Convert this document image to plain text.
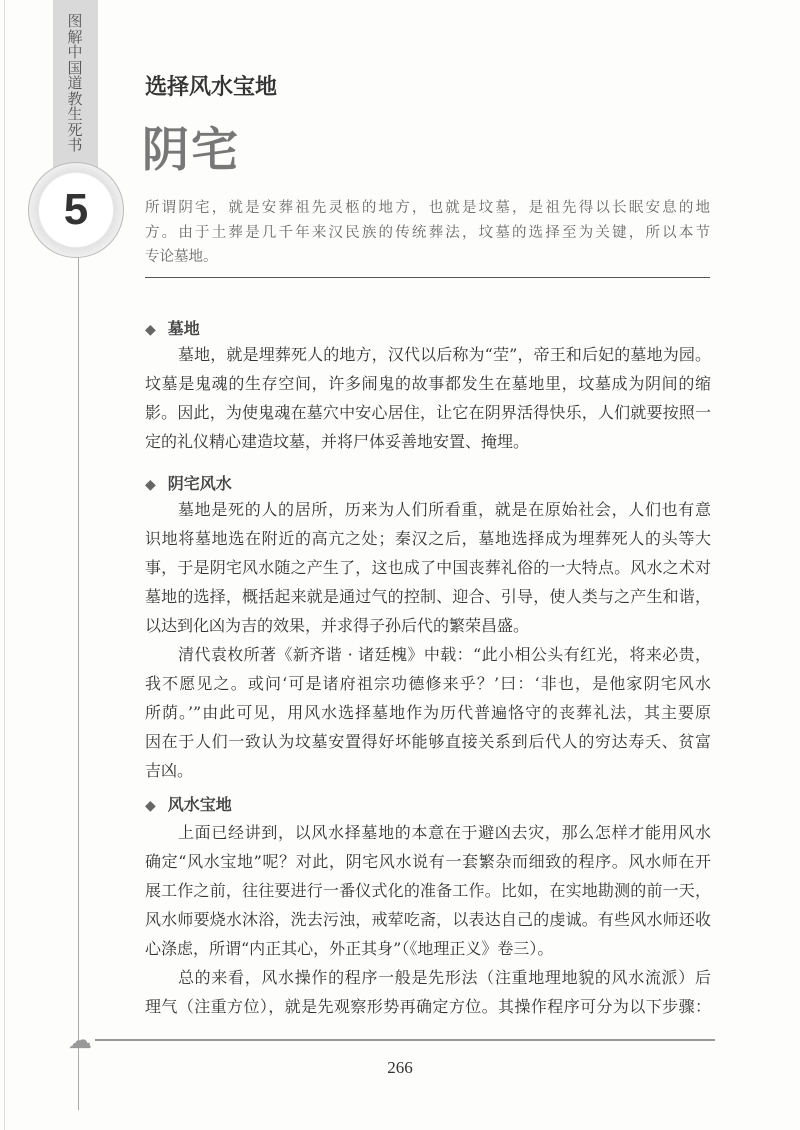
5
图解中国道教生死书
选择风水宝地
阴宅
所谓阴宅，就是安葬祖先灵柩的地方，也就是坟墓，是祖先得以长眠安息的地
方。由于土葬是几千年来汉民族的传统葬法，坟墓的选择至为关键，所以本节
专论墓地。
◆ 墓地
墓地，就是埋葬死人的地方，汉代以后称为“茔”，帝王和后妃的墓地为园。
坟墓是鬼魂的生存空间，许多闹鬼的故事都发生在墓地里，坟墓成为阴间的缩
影。因此，为使鬼魂在墓穴中安心居住，让它在阴界活得快乐，人们就要按照一
定的礼仪精心建造坟墓，并将尸体妥善地安置、掩埋。
◆ 阴宅风水
墓地是死的人的居所，历来为人们所看重，就是在原始社会，人们也有意
识地将墓地选在附近的高亢之处；秦汉之后，墓地选择成为埋葬死人的头等大
事，于是阴宅风水随之产生了，这也成了中国丧葬礼俗的一大特点。风水之术对
墓地的选择，概括起来就是通过气的控制、迎合、引导，使人类与之产生和谐，
以达到化凶为吉的效果，并求得子孙后代的繁荣昌盛。
清代袁枚所著《新齐谐 · 诸廷槐》中载：“此小相公头有红光，将来必贵，
我不愿见之。或问‘可是诸府祖宗功德修来乎？’曰：‘非也，是他家阴宅风水
所荫。’”由此可见，用风水选择墓地作为历代普遍恪守的丧葬礼法，其主要原
因在于人们一致认为坟墓安置得好坏能够直接关系到后代人的穷达寿夭、贫富
吉凶。
◆ 风水宝地
上面已经讲到，以风水择墓地的本意在于避凶去灾，那么怎样才能用风水
确定“风水宝地”呢？对此，阴宅风水说有一套繁杂而细致的程序。风水师在开
展工作之前，往往要进行一番仪式化的准备工作。比如，在实地勘测的前一天，
风水师要烧水沐浴，洗去污浊，戒荤吃斋，以表达自己的虔诚。有些风水师还收
心涤虑，所谓“内正其心，外正其身”（《地理正义》卷三）。
总的来看，风水操作的程序一般是先形法（注重地理地貌的风水流派）后
理气（注重方位），就是先观察形势再确定方位。其操作程序可分为以下步骤：
☁
266
